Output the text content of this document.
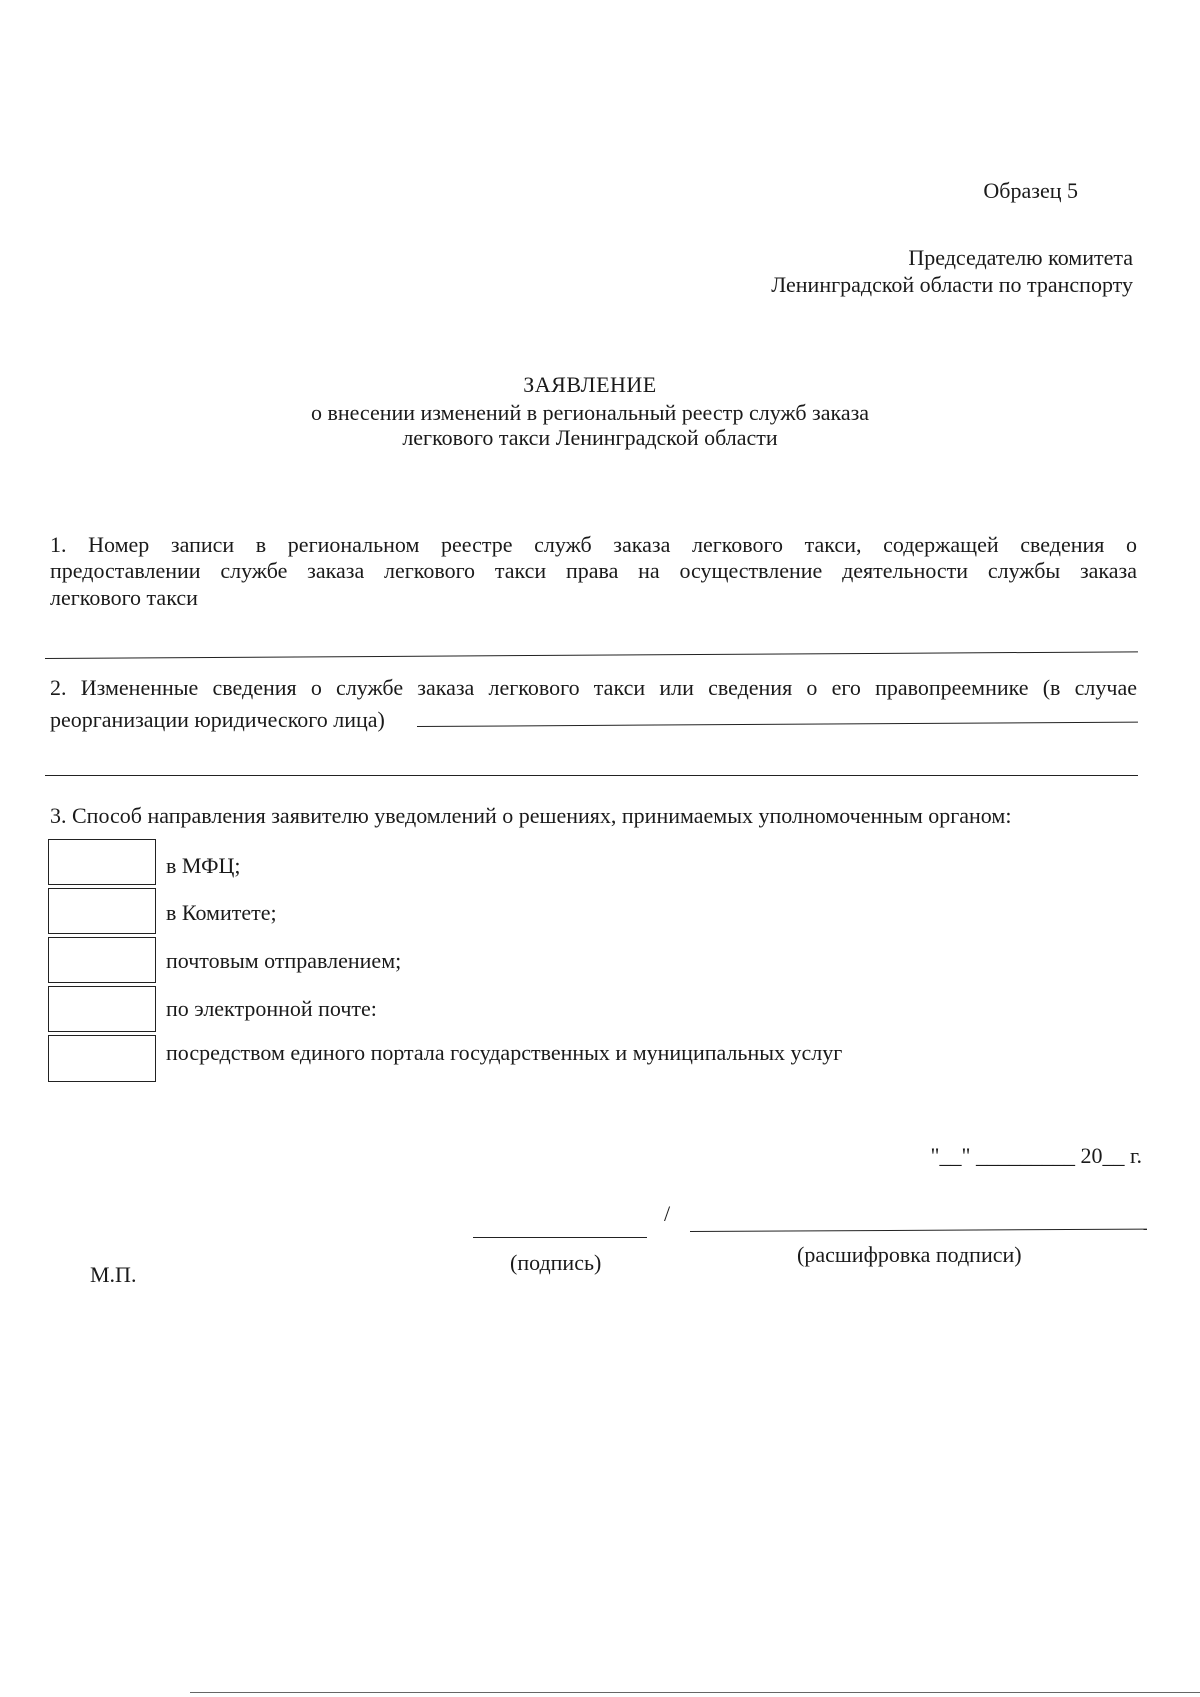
Образец 5
Председателю комитета
Ленинградской области по транспорту
ЗАЯВЛЕНИЕ
о внесении изменений в региональный реестр служб заказа
легкового такси Ленинградской области
1. Номер записи в региональном реестре служб заказа легкового такси, содержащей сведения о
предоставлении службе заказа легкового такси права на осуществление деятельности службы заказа
легкового такси
2. Измененные сведения о службе заказа легкового такси или сведения о его правопреемнике (в случае
реорганизации юридического лица)
3. Способ направления заявителю уведомлений о решениях, принимаемых уполномоченным органом:
в МФЦ;
в Комитете;
почтовым отправлением;
по электронной почте:
посредством единого портала государственных и муниципальных услуг
"__" _________ 20__ г.
/
(подпись)	(расшифровка подписи)
М.П.
